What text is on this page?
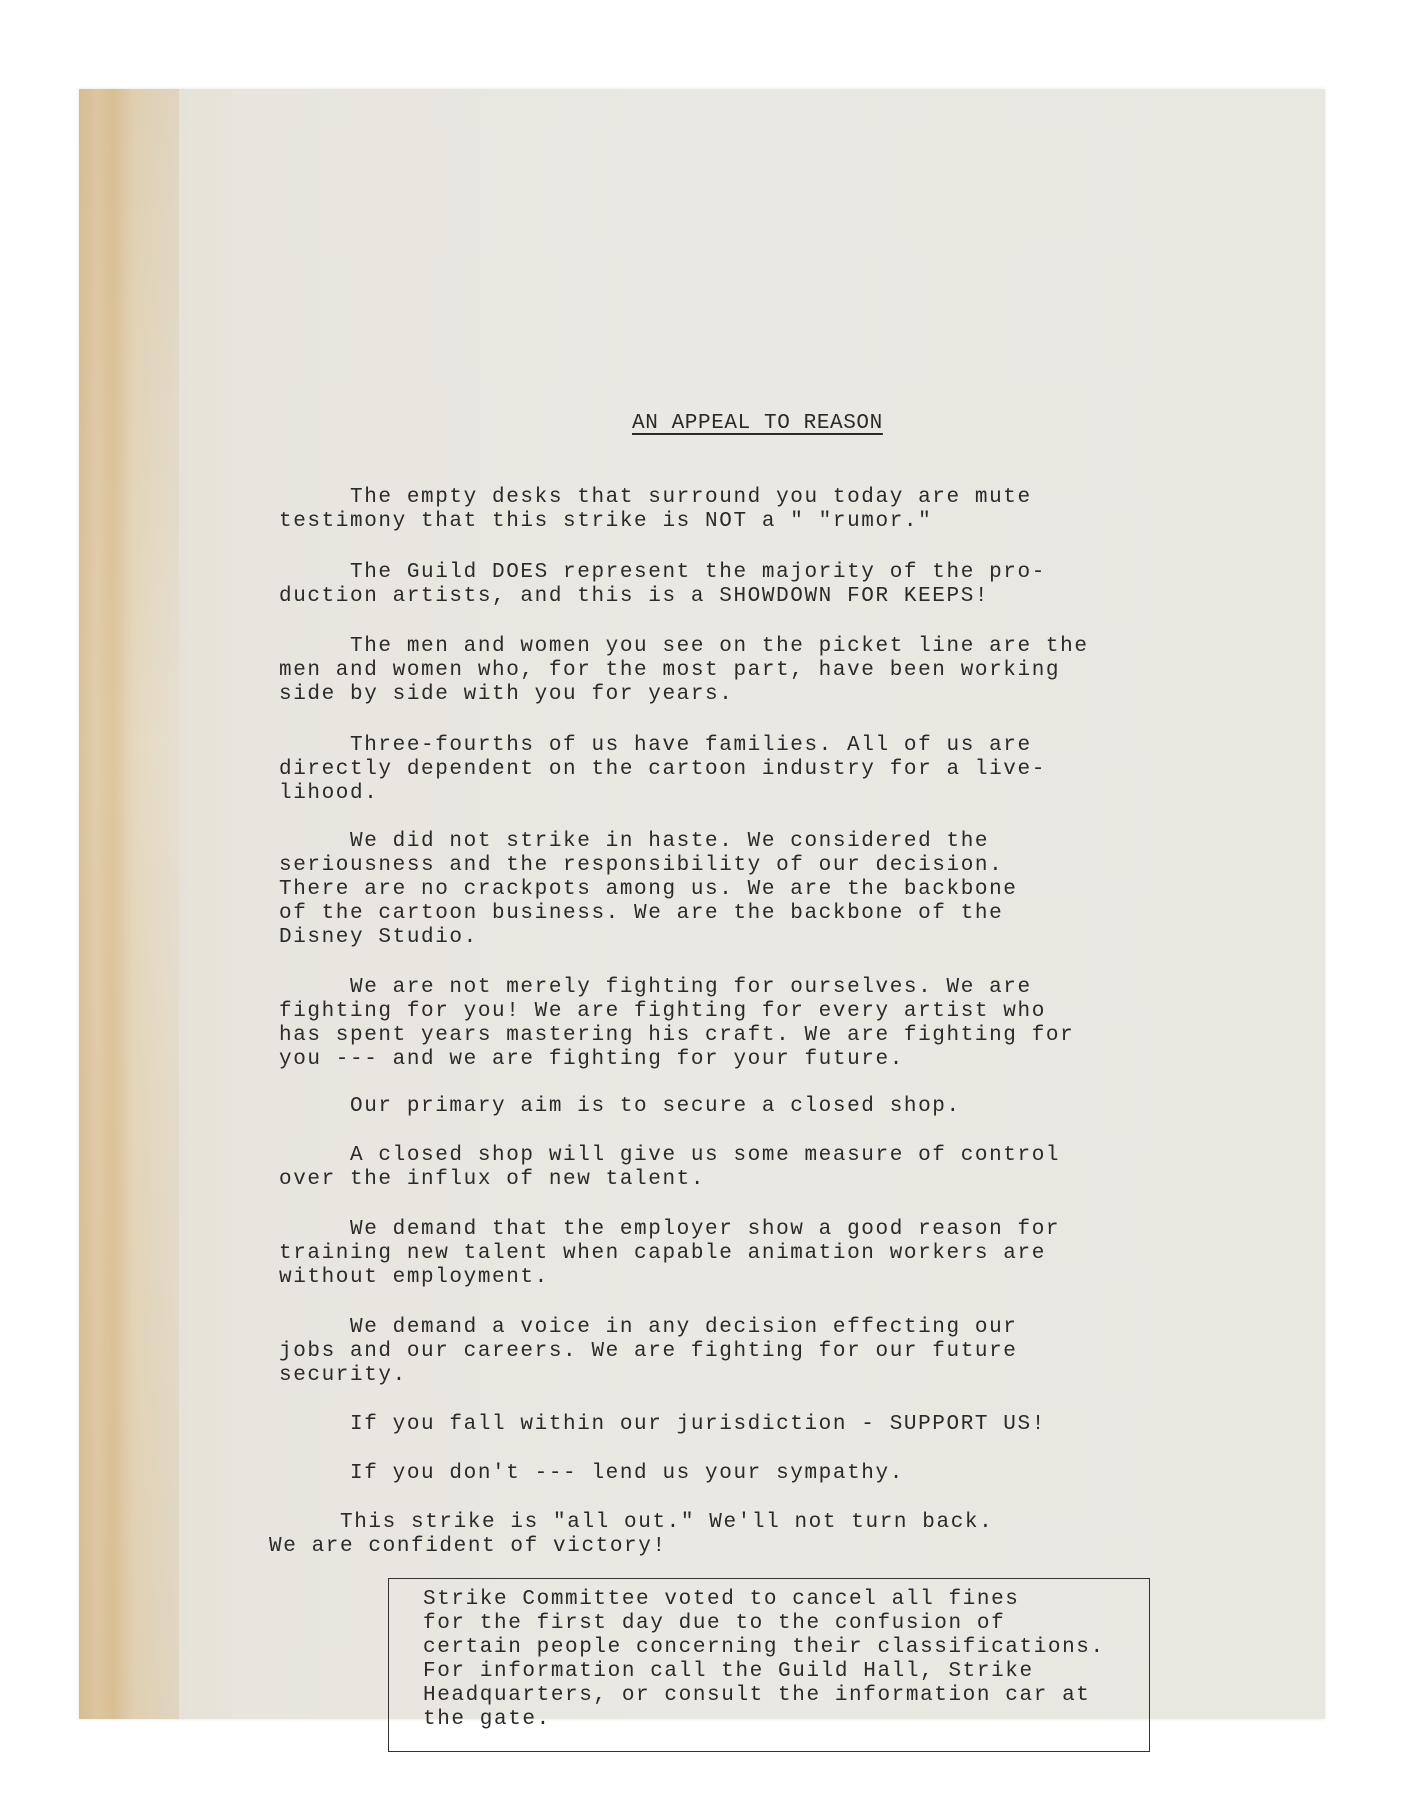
AN APPEAL TO REASON

The empty desks that surround you today are mute
testimony that this strike is NOT a " "rumor."

The Guild DOES represent the majority of the pro-
duction artists, and this is a SHOWDOWN FOR KEEPS!

The men and women you see on the picket line are the
men and women who, for the most part, have been working
side by side with you for years.

Three-fourths of us have families. All of us are
directly dependent on the cartoon industry for a live-
lihood.

We did not strike in haste. We considered the
seriousness and the responsibility of our decision.
There are no crackpots among us. We are the backbone
of the cartoon business. We are the backbone of the
Disney Studio.

We are not merely fighting for ourselves. We are
fighting for you! We are fighting for every artist who
has spent years mastering his craft. We are fighting for
you --- and we are fighting for your future.

Our primary aim is to secure a closed shop.

A closed shop will give us some measure of control
over the influx of new talent.

We demand that the employer show a good reason for
training new talent when capable animation workers are
without employment.

We demand a voice in any decision effecting our
jobs and our careers. We are fighting for our future
security.

If you fall within our jurisdiction - SUPPORT US!

If you don't --- lend us your sympathy.

This strike is "all out." We'll not turn back.
We are confident of victory!

Strike Committee voted to cancel all fines
for the first day due to the confusion of
certain people concerning their classifications.
For information call the Guild Hall, Strike
Headquarters, or consult the information car at
the gate.
